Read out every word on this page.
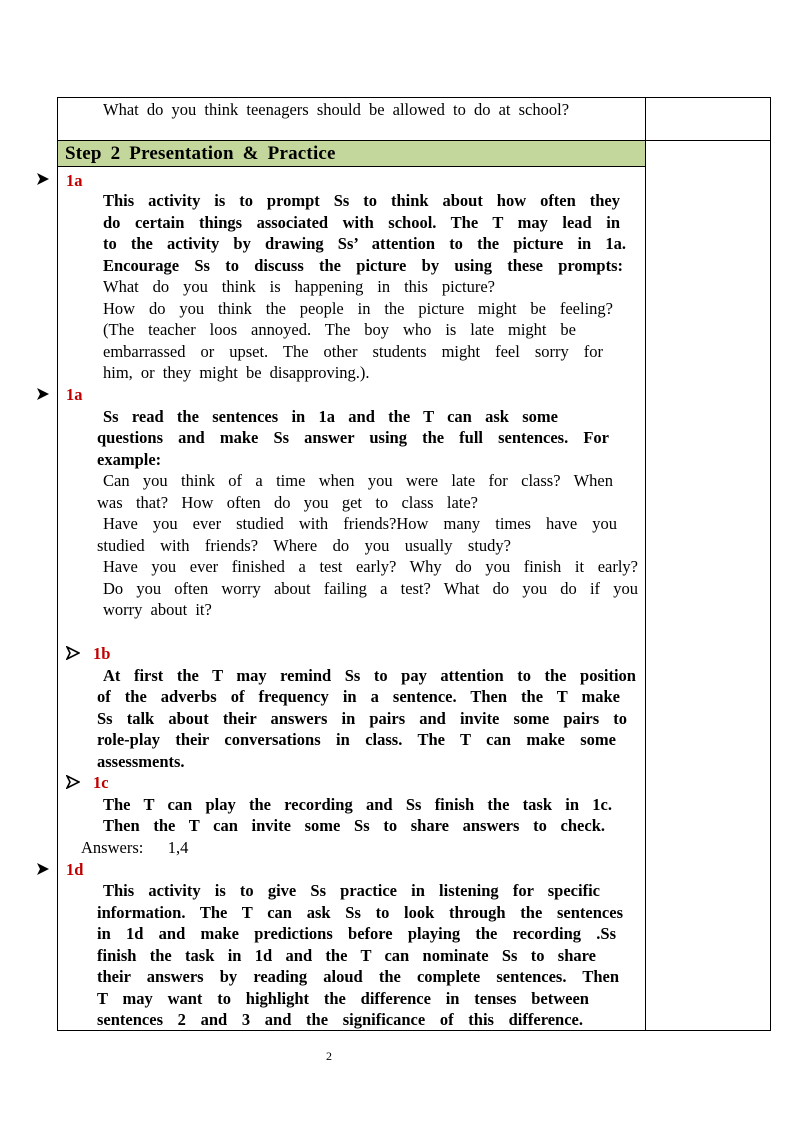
What do you think teenagers should be allowed to do at school?
Step 2 Presentation & Practice
1a
This activity is to prompt Ss to think about how often they
do certain things associated with school. The T may lead in
to the activity by drawing Ss’ attention to the picture in 1a.
Encourage Ss to discuss the picture by using these prompts:
What do you think is happening in this picture?
How do you think the people in the picture might be feeling?
(The teacher loos annoyed. The boy who is late might be
embarrassed or upset. The other students might feel sorry for
him, or they might be disapproving.).
1a
Ss read the sentences in 1a and the T can ask some
questions and make Ss answer using the full sentences. For
example:
Can you think of a time when you were late for class? When
was that? How often do you get to class late?
Have you ever studied with friends?How many times have you
studied with friends? Where do you usually study?
Have you ever finished a test early? Why do you finish it early?
Do you often worry about failing a test? What do you do if you
worry about it?
1b
At first the T may remind Ss to pay attention to the position
of the adverbs of frequency in a sentence. Then the T make
Ss talk about their answers in pairs and invite some pairs to
role-play their conversations in class. The T can make some
assessments.
1c
The T can play the recording and Ss finish the task in 1c.
Then the T can invite some Ss to share answers to check.
Answers:   1,4
1d
This activity is to give Ss practice in listening for specific
information. The T can ask Ss to look through the sentences
in 1d and make predictions before playing the recording .Ss
finish the task in 1d and the T can nominate Ss to share
their answers by reading aloud the complete sentences. Then
T may want to highlight the difference in tenses between
sentences 2 and 3 and the significance of this difference.
2
